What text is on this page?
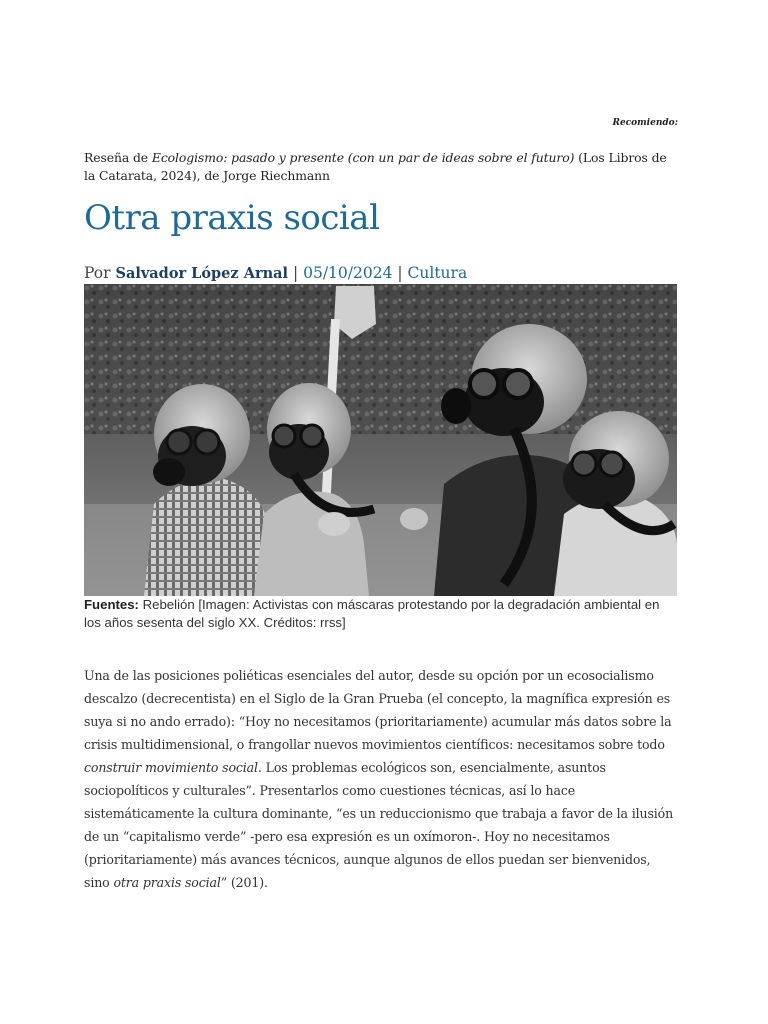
Recomiendo:
Reseña de Ecologismo: pasado y presente (con un par de ideas sobre el futuro) (Los Libros de la Catarata, 2024), de Jorge Riechmann
Otra praxis social
Por Salvador López Arnal | 05/10/2024 | Cultura
Fuentes: Rebelión [Imagen: Activistas con máscaras protestando por la degradación ambiental en los años sesenta del siglo XX. Créditos: rrss]

Una de las posiciones poliéticas esenciales del autor, desde su opción por un ecosocialismo descalzo (decrecentista) en el Siglo de la Gran Prueba (el concepto, la magnífica expresión es suya si no ando errado): “Hoy no necesitamos (prioritariamente) acumular más datos sobre la crisis multidimensional, o frangollar nuevos movimientos científicos: necesitamos sobre todo construir movimiento social. Los problemas ecológicos son, esencialmente, asuntos sociopolíticos y culturales”. Presentarlos como cuestiones técnicas, así lo hace sistemáticamente la cultura dominante, “es un reduccionismo que trabaja a favor de la ilusión de un “capitalismo verde” -pero esa expresión es un oxímoron-. Hoy no necesitamos (prioritariamente) más avances técnicos, aunque algunos de ellos puedan ser bienvenidos, sino otra praxis social” (201).
